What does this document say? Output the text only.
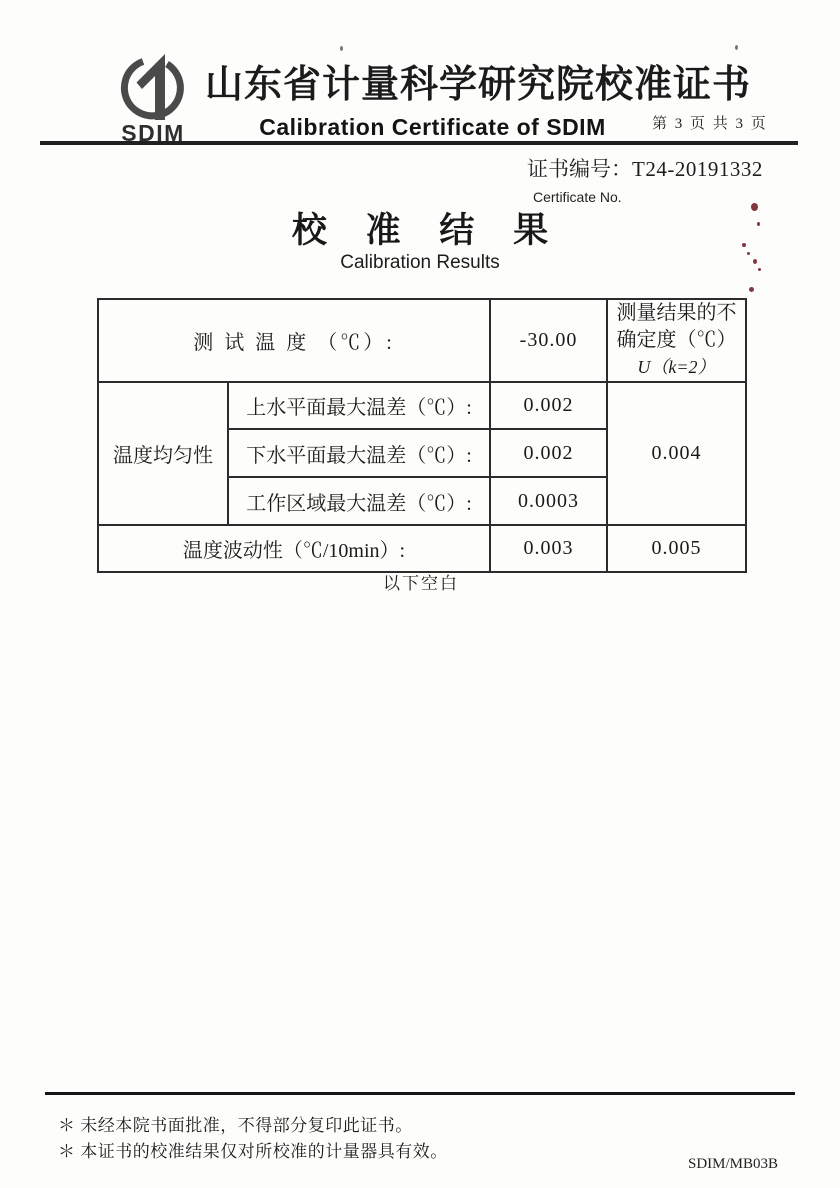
SDIM
山东省计量科学研究院校准证书
Calibration Certificate of SDIM	第 3 页 共 3 页
证书编号：T24-20191332
Certificate No.
校 准 结 果
Calibration Results
测 试 温 度 （℃）:		-30.00	测量结果的不
确定度（℃）
U（k=2）
温度均匀性	上水平面最大温差（℃）:	0.002	0.004
	下水平面最大温差（℃）:	0.002	
	工作区域最大温差（℃）:	0.0003	
温度波动性（℃/10min）:		0.003	0.005
以下空白
＊ 未经本院书面批准，不得部分复印此证书。
＊ 本证书的校准结果仅对所校准的计量器具有效。
SDIM/MB03B
